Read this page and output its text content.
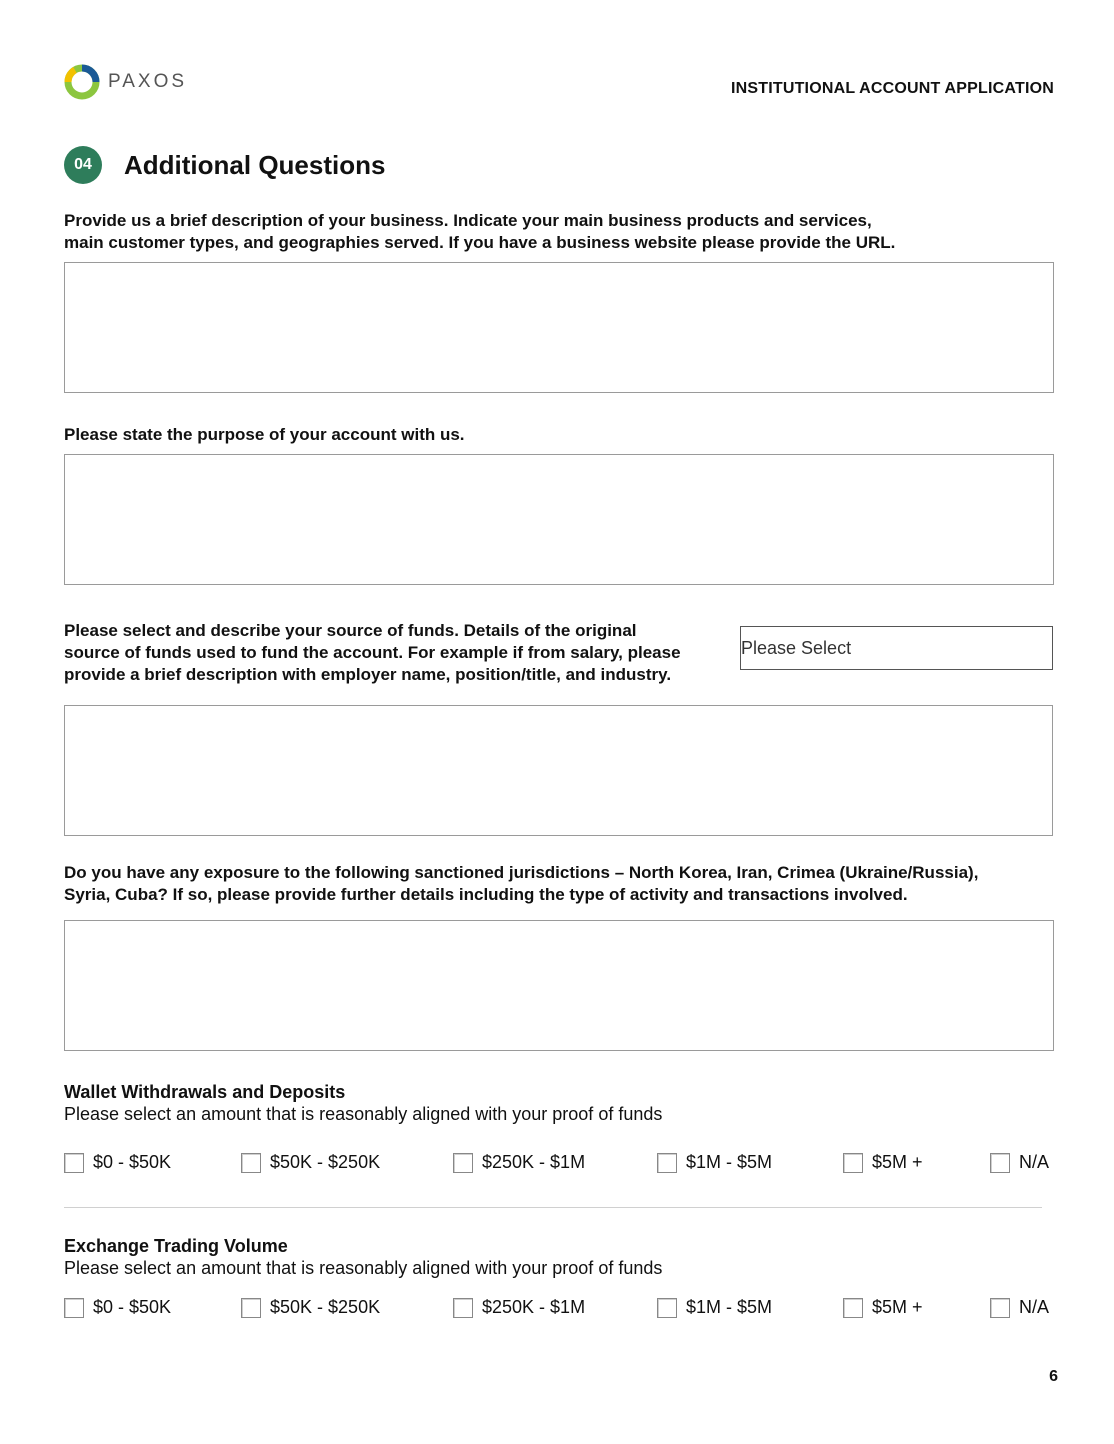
PAXOS	INSTITUTIONAL ACCOUNT APPLICATION
04	Additional Questions
Provide us a brief description of your business. Indicate your main business products and services,
main customer types, and geographies served. If you have a business website please provide the URL.
Please state the purpose of your account with us.
Please select and describe your source of funds. Details of the original
source of funds used to fund the account. For example if from salary, please
provide a brief description with employer name, position/title, and industry.
Please Select
Do you have any exposure to the following sanctioned jurisdictions – North Korea, Iran, Crimea (Ukraine/Russia),
Syria, Cuba? If so, please provide further details including the type of activity and transactions involved.
Wallet Withdrawals and Deposits
Please select an amount that is reasonably aligned with your proof of funds
$0 - $50K	$50K - $250K	$250K - $1M	$1M - $5M	$5M +	N/A
Exchange Trading Volume
Please select an amount that is reasonably aligned with your proof of funds
$0 - $50K	$50K - $250K	$250K - $1M	$1M - $5M	$5M +	N/A
6
